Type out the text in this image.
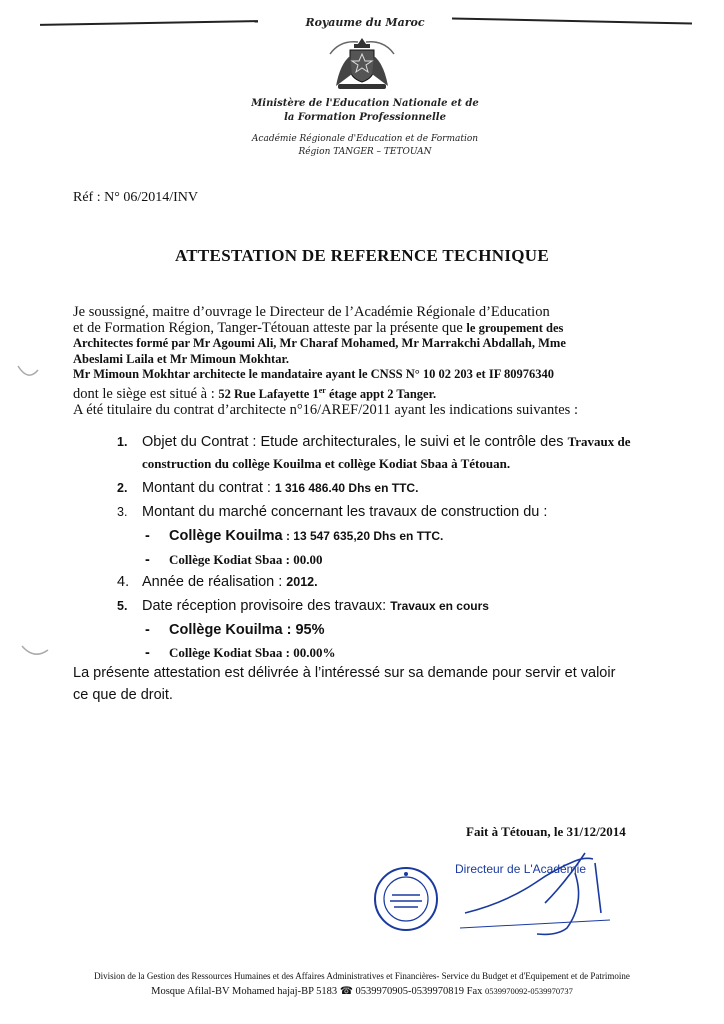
Royaume du Maroc
Ministère de l'Education Nationale et de
la Formation Professionnelle
Académie Régionale d'Education et de Formation
Région TANGER – TETOUAN
Réf : N° 06/2014/INV
ATTESTATION DE REFERENCE TECHNIQUE
Je soussigné, maitre d’ouvrage le Directeur de l’Académie Régionale d’Education
et de Formation Région, Tanger-Tétouan atteste par la présente que le groupement des
Architectes formé par Mr Agoumi Ali, Mr Charaf Mohamed, Mr Marrakchi Abdallah, Mme
Abeslami Laila et Mr Mimoun Mokhtar.
Mr Mimoun Mokhtar architecte le mandataire ayant le CNSS N° 10 02 203 et IF 80976340
dont le siège est situé à : 52 Rue Lafayette 1er étage appt 2 Tanger.
A été titulaire du contrat d’architecte n°16/AREF/2011 ayant les indications suivantes :
1. Objet du Contrat : Etude architecturales, le suivi et le contrôle des Travaux de
construction du collège Kouilma et collège Kodiat Sbaa à Tétouan.
2. Montant du contrat : 1 316 486.40 Dhs en TTC.
3. Montant du marché concernant les travaux de construction du :
- Collège Kouilma : 13 547 635,20 Dhs en TTC.
- Collège Kodiat Sbaa : 00.00
4. Année de réalisation : 2012.
5. Date réception provisoire des travaux: Travaux en cours
- Collège Kouilma : 95%
- Collège Kodiat Sbaa : 00.00%
La présente attestation est délivrée à l’intéressé sur sa demande pour servir et valoir
ce que de droit.
Fait à Tétouan, le 31/12/2014
Directeur de L'Académie
Division de la Gestion des Ressources Humaines et des Affaires Administratives et Financières- Service du Budget et d'Equipement et de Patrimoine
Mosque Afilal-BV Mohamed hajaj-BP 5183 ☎ 0539970905-0539970819 Fax 0539970092-0539970737
